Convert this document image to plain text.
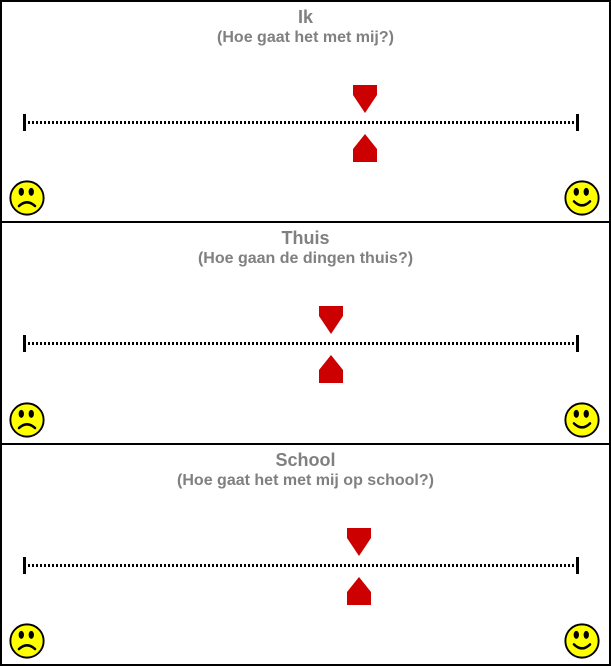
Ik
(Hoe gaat het met mij?)
Thuis
(Hoe gaan de dingen thuis?)
School
(Hoe gaat het met mij op school?)
